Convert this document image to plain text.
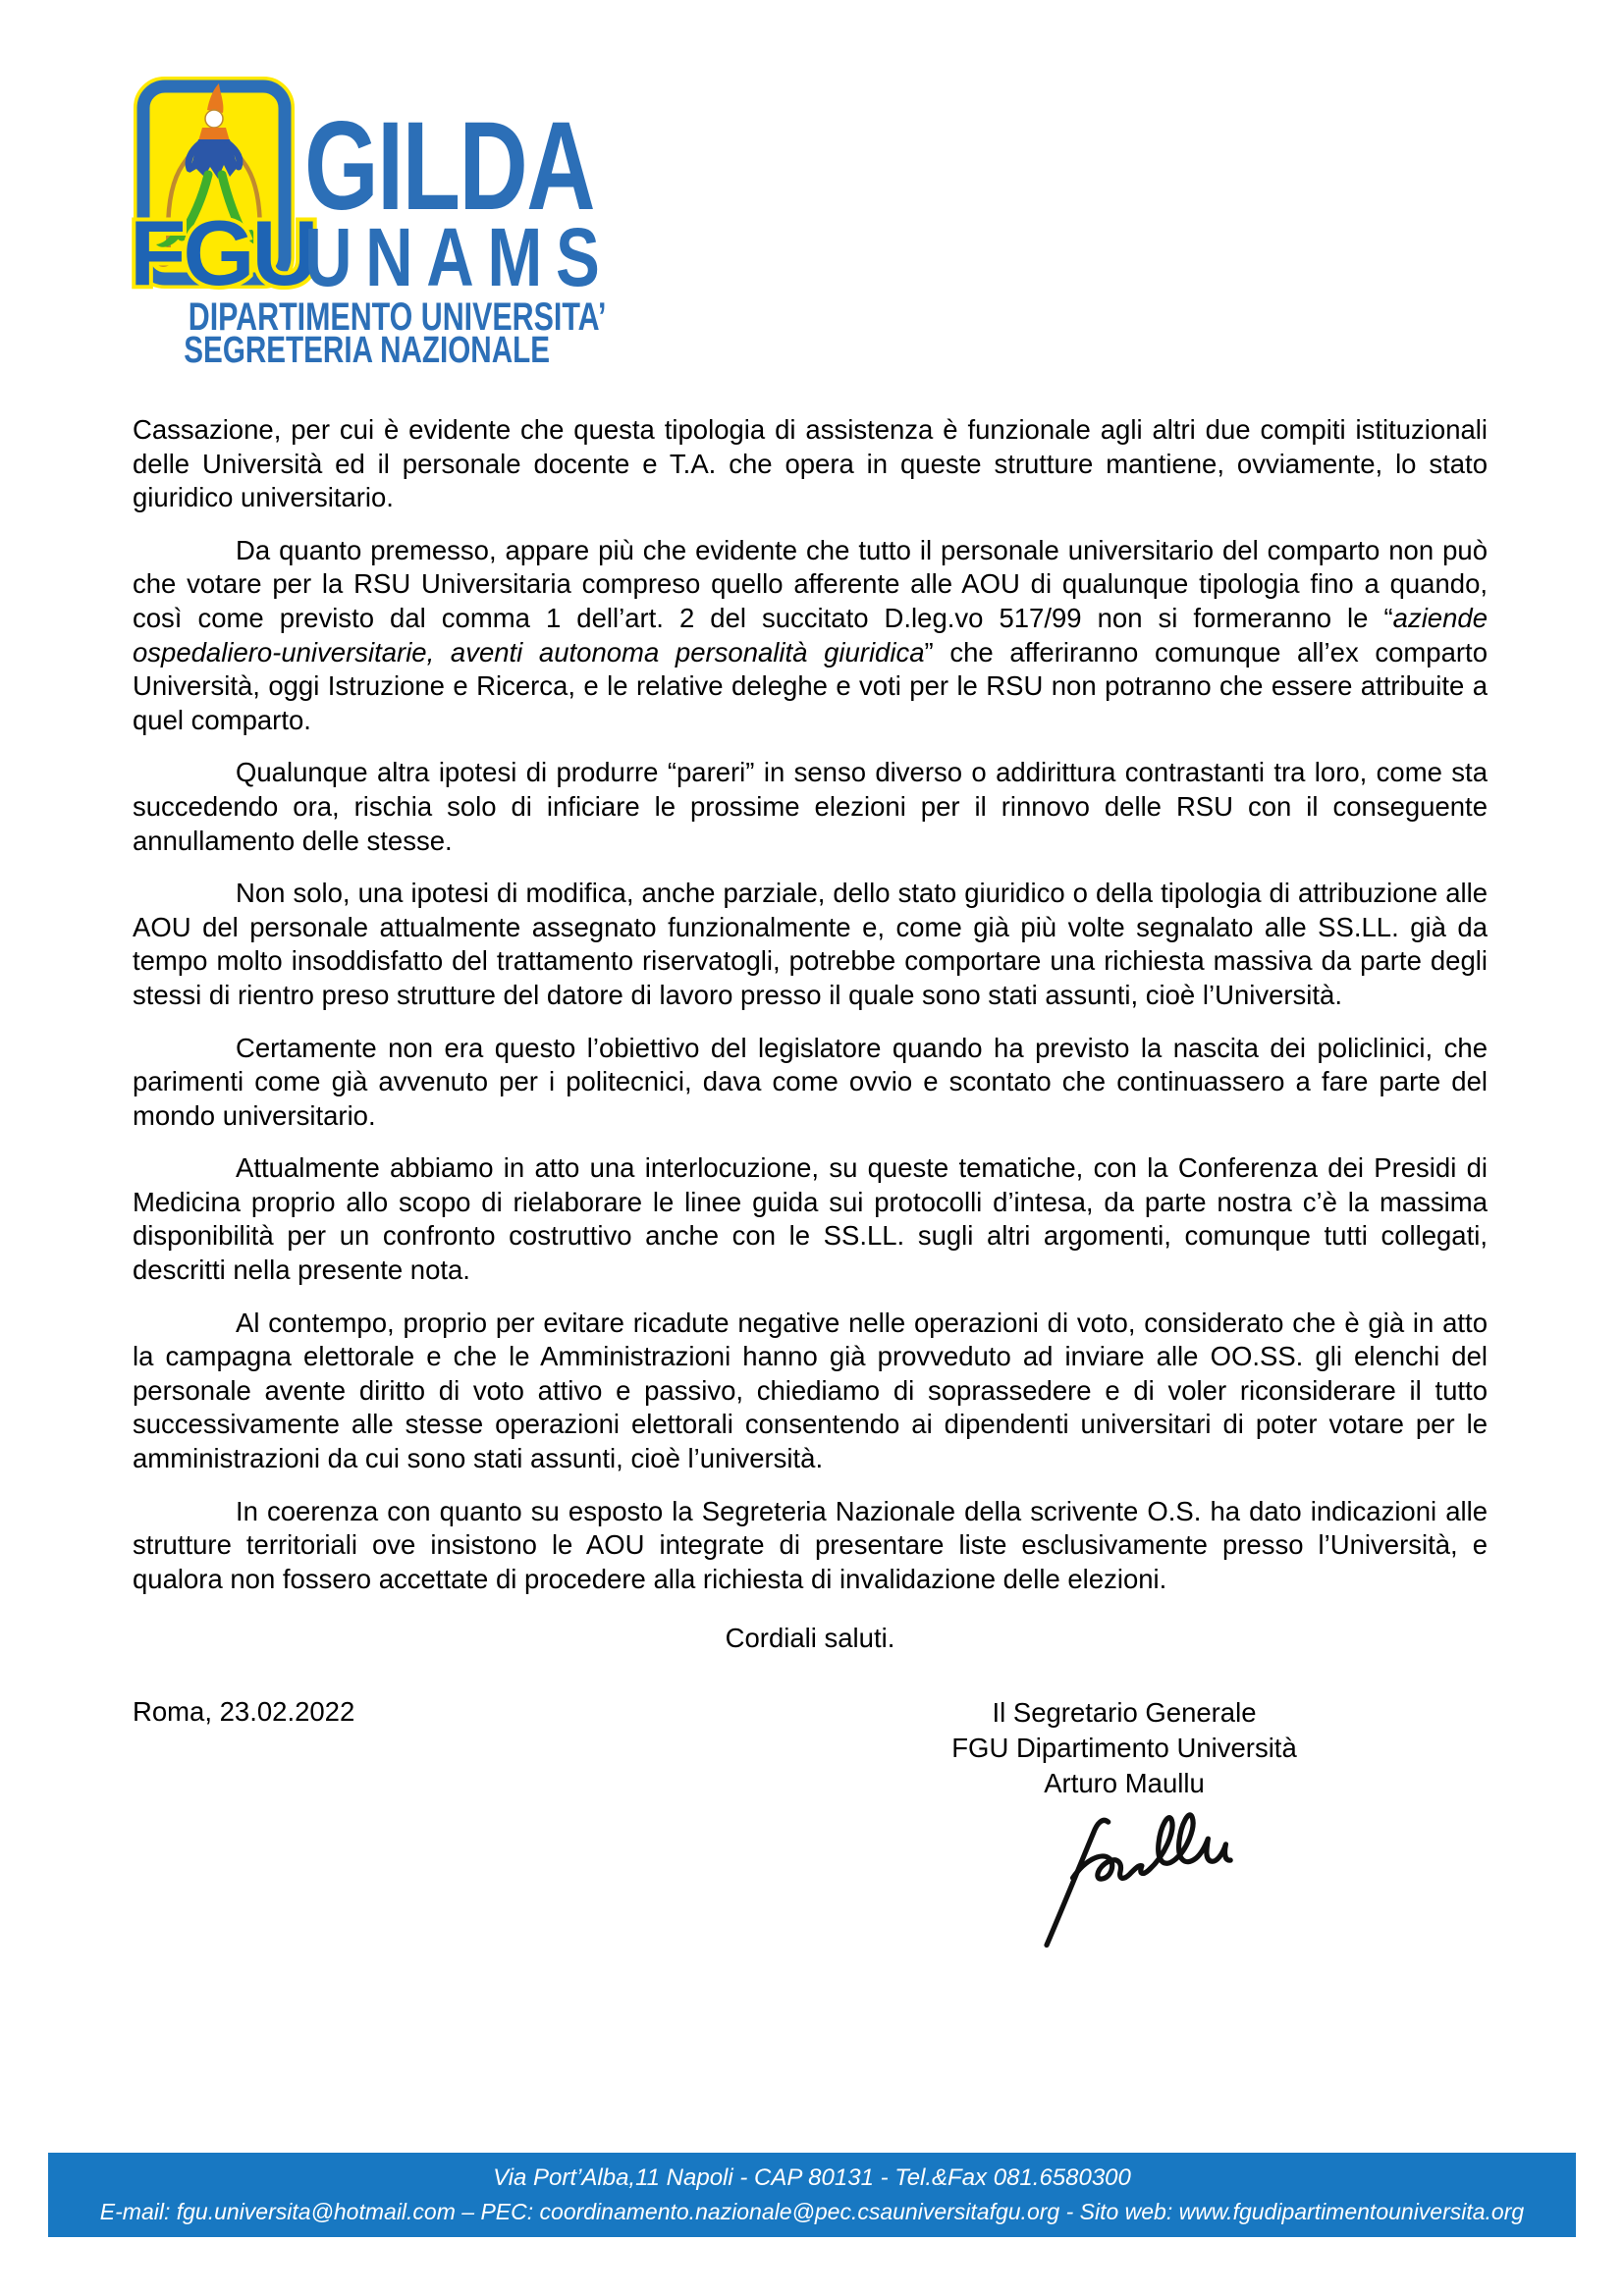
FGU
GILDA
UNAMS
DIPARTIMENTO UNIVERSITA’
SEGRETERIA NAZIONALE

Cassazione, per cui è evidente che questa tipologia di assistenza è funzionale agli altri due compiti istituzionali delle Università ed il personale docente e T.A. che opera in queste strutture mantiene, ovviamente, lo stato giuridico universitario.

Da quanto premesso, appare più che evidente che tutto il personale universitario del comparto non può che votare per la RSU Universitaria compreso quello afferente alle AOU di qualunque tipologia fino a quando, così come previsto dal comma 1 dell’art. 2 del succitato D.leg.vo 517/99 non si formeranno le “aziende ospedaliero-universitarie, aventi autonoma personalità giuridica” che afferiranno comunque all’ex comparto Università, oggi Istruzione e Ricerca, e le relative deleghe e voti per le RSU non potranno che essere attribuite a quel comparto.

Qualunque altra ipotesi di produrre “pareri” in senso diverso o addirittura contrastanti tra loro, come sta succedendo ora, rischia solo di inficiare le prossime elezioni per il rinnovo delle RSU con il conseguente annullamento delle stesse.

Non solo, una ipotesi di modifica, anche parziale, dello stato giuridico o della tipologia di attribuzione alle AOU del personale attualmente assegnato funzionalmente e, come già più volte segnalato alle SS.LL. già da tempo molto insoddisfatto del trattamento riservatogli, potrebbe comportare una richiesta massiva da parte degli stessi di rientro preso strutture del datore di lavoro presso il quale sono stati assunti, cioè l’Università.

Certamente non era questo l’obiettivo del legislatore quando ha previsto la nascita dei policlinici, che parimenti come già avvenuto per i politecnici, dava come ovvio e scontato che continuassero a fare parte del mondo universitario.

Attualmente abbiamo in atto una interlocuzione, su queste tematiche, con la Conferenza dei Presidi di Medicina proprio allo scopo di rielaborare le linee guida sui protocolli d’intesa, da parte nostra c’è la massima disponibilità per un confronto costruttivo anche con le SS.LL. sugli altri argomenti, comunque tutti collegati, descritti nella presente nota.

Al contempo, proprio per evitare ricadute negative nelle operazioni di voto, considerato che è già in atto la campagna elettorale e che le Amministrazioni hanno già provveduto ad inviare alle OO.SS. gli elenchi del personale avente diritto di voto attivo e passivo, chiediamo di soprassedere e di voler riconsiderare il tutto successivamente alle stesse operazioni elettorali consentendo ai dipendenti universitari di poter votare per le amministrazioni da cui sono stati assunti, cioè l’università.

In coerenza con quanto su esposto la Segreteria Nazionale della scrivente O.S. ha dato indicazioni alle strutture territoriali ove insistono le AOU integrate di presentare liste esclusivamente presso l’Università, e qualora non fossero accettate di procedere alla richiesta di invalidazione delle elezioni.

Cordiali saluti.

Roma, 23.02.2022	Il Segretario Generale
FGU Dipartimento Università
Arturo Maullu
Via Port’Alba,11 Napoli - CAP 80131 - Tel.&Fax 081.6580300
E-mail: fgu.universita@hotmail.com – PEC: coordinamento.nazionale@pec.csauniversitafgu.org - Sito web: www.fgudipartimentouniversita.org
